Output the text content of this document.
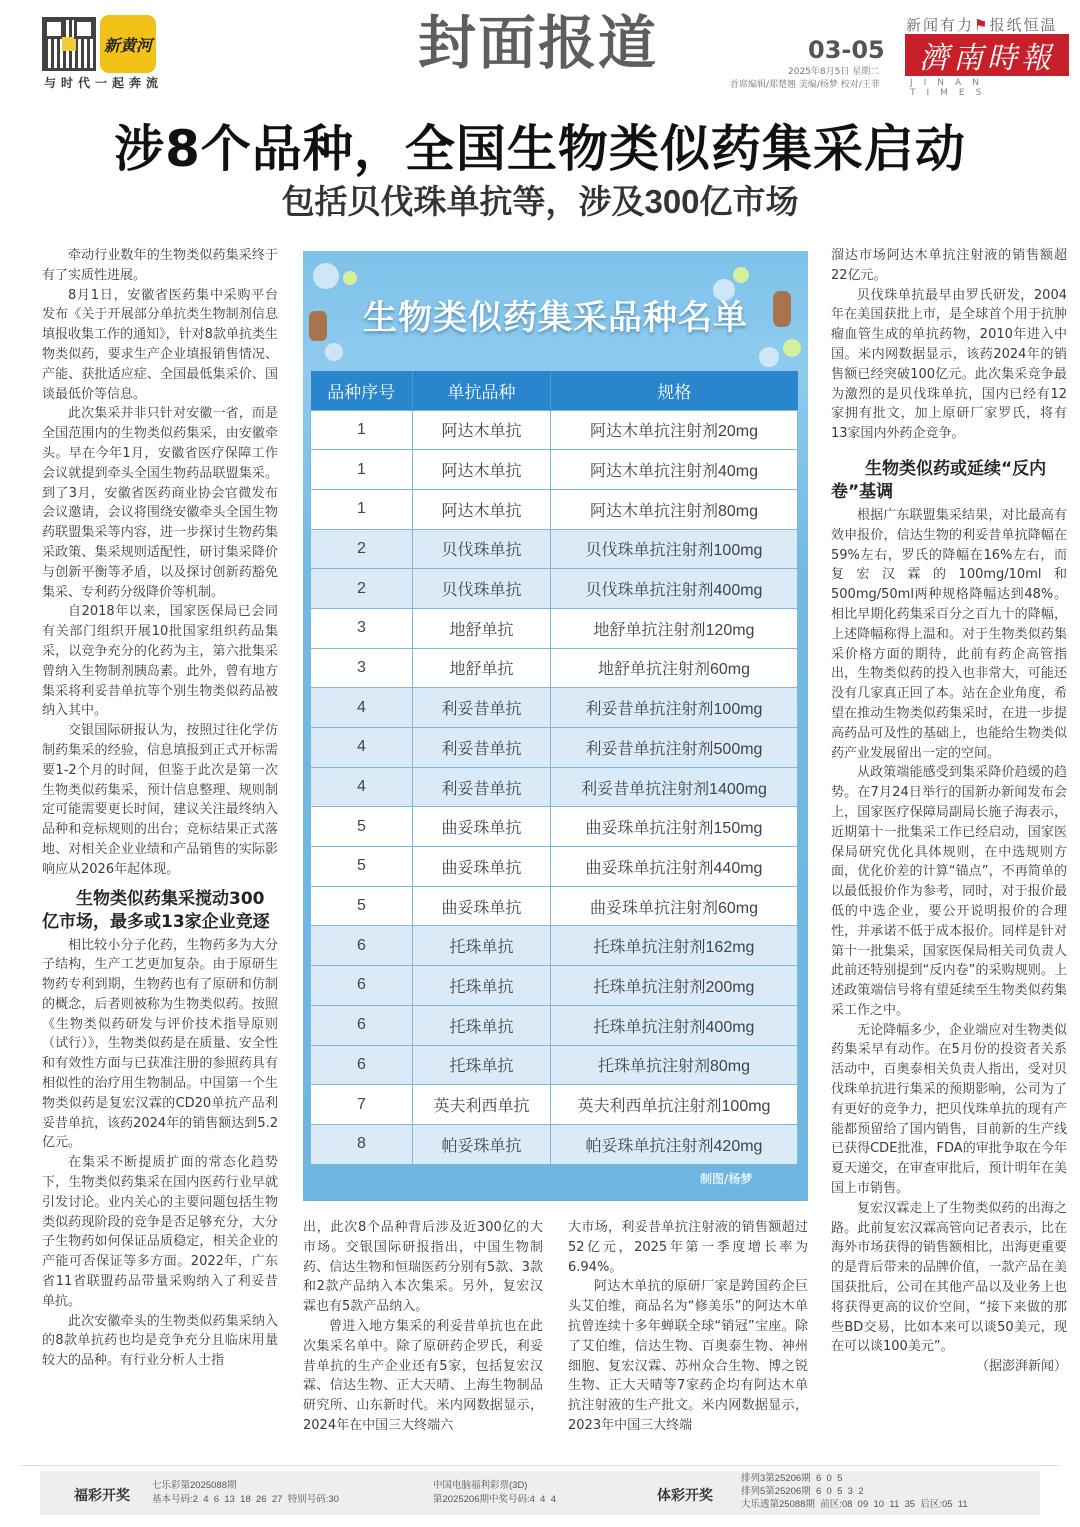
新黄河
与时代一起奔流
封面报道	03-05
2025年8月5日 星期二
首席编辑/郑楚翘 美编/杨梦 校对/王菲
新闻有力⚑报纸恒温
濟南時報
JINAN TIMES
涉8个品种，全国生物类似药集采启动
包括贝伐珠单抗等，涉及300亿市场

牵动行业数年的生物类似药集采终于有了实质性进展。

8月1日，安徽省医药集中采购平台发布《关于开展部分单抗类生物制剂信息填报收集工作的通知》，针对8款单抗类生物类似药，要求生产企业填报销售情况、产能、获批适应症、全国最低集采价、国谈最低价等信息。

此次集采并非只针对安徽一省，而是全国范围内的生物类似药集采，由安徽牵头。早在今年1月，安徽省医疗保障工作会议就提到牵头全国生物药品联盟集采。到了3月，安徽省医药商业协会官微发布会议邀请，会议将围绕安徽牵头全国生物药联盟集采等内容，进一步探讨生物药集采政策、集采规则适配性，研讨集采降价与创新平衡等矛盾，以及探讨创新药豁免集采、专利药分级降价等机制。

自2018年以来，国家医保局已会同有关部门组织开展10批国家组织药品集采，以竞争充分的化药为主，第六批集采曾纳入生物制剂胰岛素。此外，曾有地方集采将利妥昔单抗等个别生物类似药品被纳入其中。

交银国际研报认为，按照过往化学仿制药集采的经验，信息填报到正式开标需要1-2个月的时间，但鉴于此次是第一次生物类似药集采，预计信息整理、规则制定可能需要更长时间，建议关注最终纳入品种和竞标规则的出台；竞标结果正式落地、对相关企业业绩和产品销售的实际影响应从2026年起体现。

生物类似药集采搅动300亿市场，最多或13家企业竞逐

相比较小分子化药，生物药多为大分子结构，生产工艺更加复杂。由于原研生物药专利到期，生物药也有了原研和仿制的概念，后者则被称为生物类似药。按照《生物类似药研发与评价技术指导原则（试行）》，生物类似药是在质量、安全性和有效性方面与已获准注册的参照药具有相似性的治疗用生物制品。中国第一个生物类似药是复宏汉霖的CD20单抗产品利妥昔单抗，该药2024年的销售额达到5.2亿元。

在集采不断提质扩面的常态化趋势下，生物类似药集采在国内医药行业早就引发讨论。业内关心的主要问题包括生物类似药现阶段的竞争是否足够充分，大分子生物药如何保证品质稳定，相关企业的产能可否保证等多方面。2022年，广东省11省联盟药品带量采购纳入了利妥昔单抗。

此次安徽牵头的生物类似药集采纳入的8款单抗药也均是竞争充分且临床用量较大的品种。有行业分析人士指

生物类似药集采品种名单
品种序号	单抗品种	规格
1	阿达木单抗	阿达木单抗注射剂20mg
1	阿达木单抗	阿达木单抗注射剂40mg
1	阿达木单抗	阿达木单抗注射剂80mg
2	贝伐珠单抗	贝伐珠单抗注射剂100mg
2	贝伐珠单抗	贝伐珠单抗注射剂400mg
3	地舒单抗	地舒单抗注射剂120mg
3	地舒单抗	地舒单抗注射剂60mg
4	利妥昔单抗	利妥昔单抗注射剂100mg
4	利妥昔单抗	利妥昔单抗注射剂500mg
4	利妥昔单抗	利妥昔单抗注射剂1400mg
5	曲妥珠单抗	曲妥珠单抗注射剂150mg
5	曲妥珠单抗	曲妥珠单抗注射剂440mg
5	曲妥珠单抗	曲妥珠单抗注射剂60mg
6	托珠单抗	托珠单抗注射剂162mg
6	托珠单抗	托珠单抗注射剂200mg
6	托珠单抗	托珠单抗注射剂400mg
6	托珠单抗	托珠单抗注射剂80mg
7	英夫利西单抗	英夫利西单抗注射剂100mg
8	帕妥珠单抗	帕妥珠单抗注射剂420mg
制图/杨梦

出，此次8个品种背后涉及近300亿的大市场。交银国际研报指出，中国生物制药、信达生物和恒瑞医药分别有5款、3款和2款产品纳入本次集采。另外，复宏汉霖也有5款产品纳入。

曾进入地方集采的利妥昔单抗也在此次集采名单中。除了原研药企罗氏，利妥昔单抗的生产企业还有5家，包括复宏汉霖、信达生物、正大天晴、上海生物制品研究所、山东新时代。米内网数据显示，2024年在中国三大终端六

大市场，利妥昔单抗注射液的销售额超过52亿元，2025年第一季度增长率为6.94%。

阿达木单抗的原研厂家是跨国药企巨头艾伯维，商品名为“修美乐”的阿达木单抗曾连续十多年蝉联全球“销冠”宝座。除了艾伯维，信达生物、百奥泰生物、神州细胞、复宏汉霖、苏州众合生物、博之锐生物、正大天晴等7家药企均有阿达木单抗注射液的生产批文。米内网数据显示，2023年中国三大终端

溜达市场阿达木单抗注射液的销售额超22亿元。

贝伐珠单抗最早由罗氏研发，2004年在美国获批上市，是全球首个用于抗肿瘤血管生成的单抗药物，2010年进入中国。米内网数据显示，该药2024年的销售额已经突破100亿元。此次集采竞争最为激烈的是贝伐珠单抗，国内已经有12家拥有批文，加上原研厂家罗氏，将有13家国内外药企竞争。

生物类似药或延续“反内卷”基调

根据广东联盟集采结果，对比最高有效申报价，信达生物的利妥昔单抗降幅在59%左右，罗氏的降幅在16%左右，而复宏汉霖的100mg/10ml和500mg/50ml两种规格降幅达到48%。相比早期化药集采百分之百九十的降幅，上述降幅称得上温和。对于生物类似药集采价格方面的期待，此前有药企高管指出，生物类似药的投入也非常大，可能还没有几家真正回了本。站在企业角度，希望在推动生物类似药集采时，在进一步提高药品可及性的基础上，也能给生物类似药产业发展留出一定的空间。

从政策端能感受到集采降价趋缓的趋势。在7月24日举行的国新办新闻发布会上，国家医疗保障局副局长施子海表示，近期第十一批集采工作已经启动，国家医保局研究优化具体规则，在中选规则方面，优化价差的计算“锚点”，不再简单的以最低报价作为参考，同时，对于报价最低的中选企业，要公开说明报价的合理性，并承诺不低于成本报价。同样是针对第十一批集采，国家医保局相关司负责人此前还特别提到“反内卷”的采购规则。上述政策端信号将有望延续至生物类似药集采工作之中。

无论降幅多少，企业端应对生物类似药集采早有动作。在5月份的投资者关系活动中，百奥泰相关负责人指出，受对贝伐珠单抗进行集采的预期影响，公司为了有更好的竞争力，把贝伐珠单抗的现有产能都预留给了国内销售，目前新的生产线已获得CDE批准，FDA的审批争取在今年夏天递交，在审查审批后，预计明年在美国上市销售。

复宏汉霖走上了生物类似药的出海之路。此前复宏汉霖高管向记者表示，比在海外市场获得的销售额相比，出海更重要的是背后带来的品牌价值，一款产品在美国获批后，公司在其他产品以及业务上也将获得更高的议价空间，“接下来做的那些BD交易，比如本来可以谈50美元，现在可以谈100美元”。

（据澎湃新闻）
福彩开奖
七乐彩第2025088期
基本号码:2  4  6  13  18  26  27  特别号码:30
中国电脑福利彩票(3D)
第2025206期中奖号码:4  4  4	体彩开奖
排列3第25206期  6  0  5
排列5第25206期  6  0  5  3  2
大乐透第25088期  前区:08  09  10  11  35  后区:05  11
